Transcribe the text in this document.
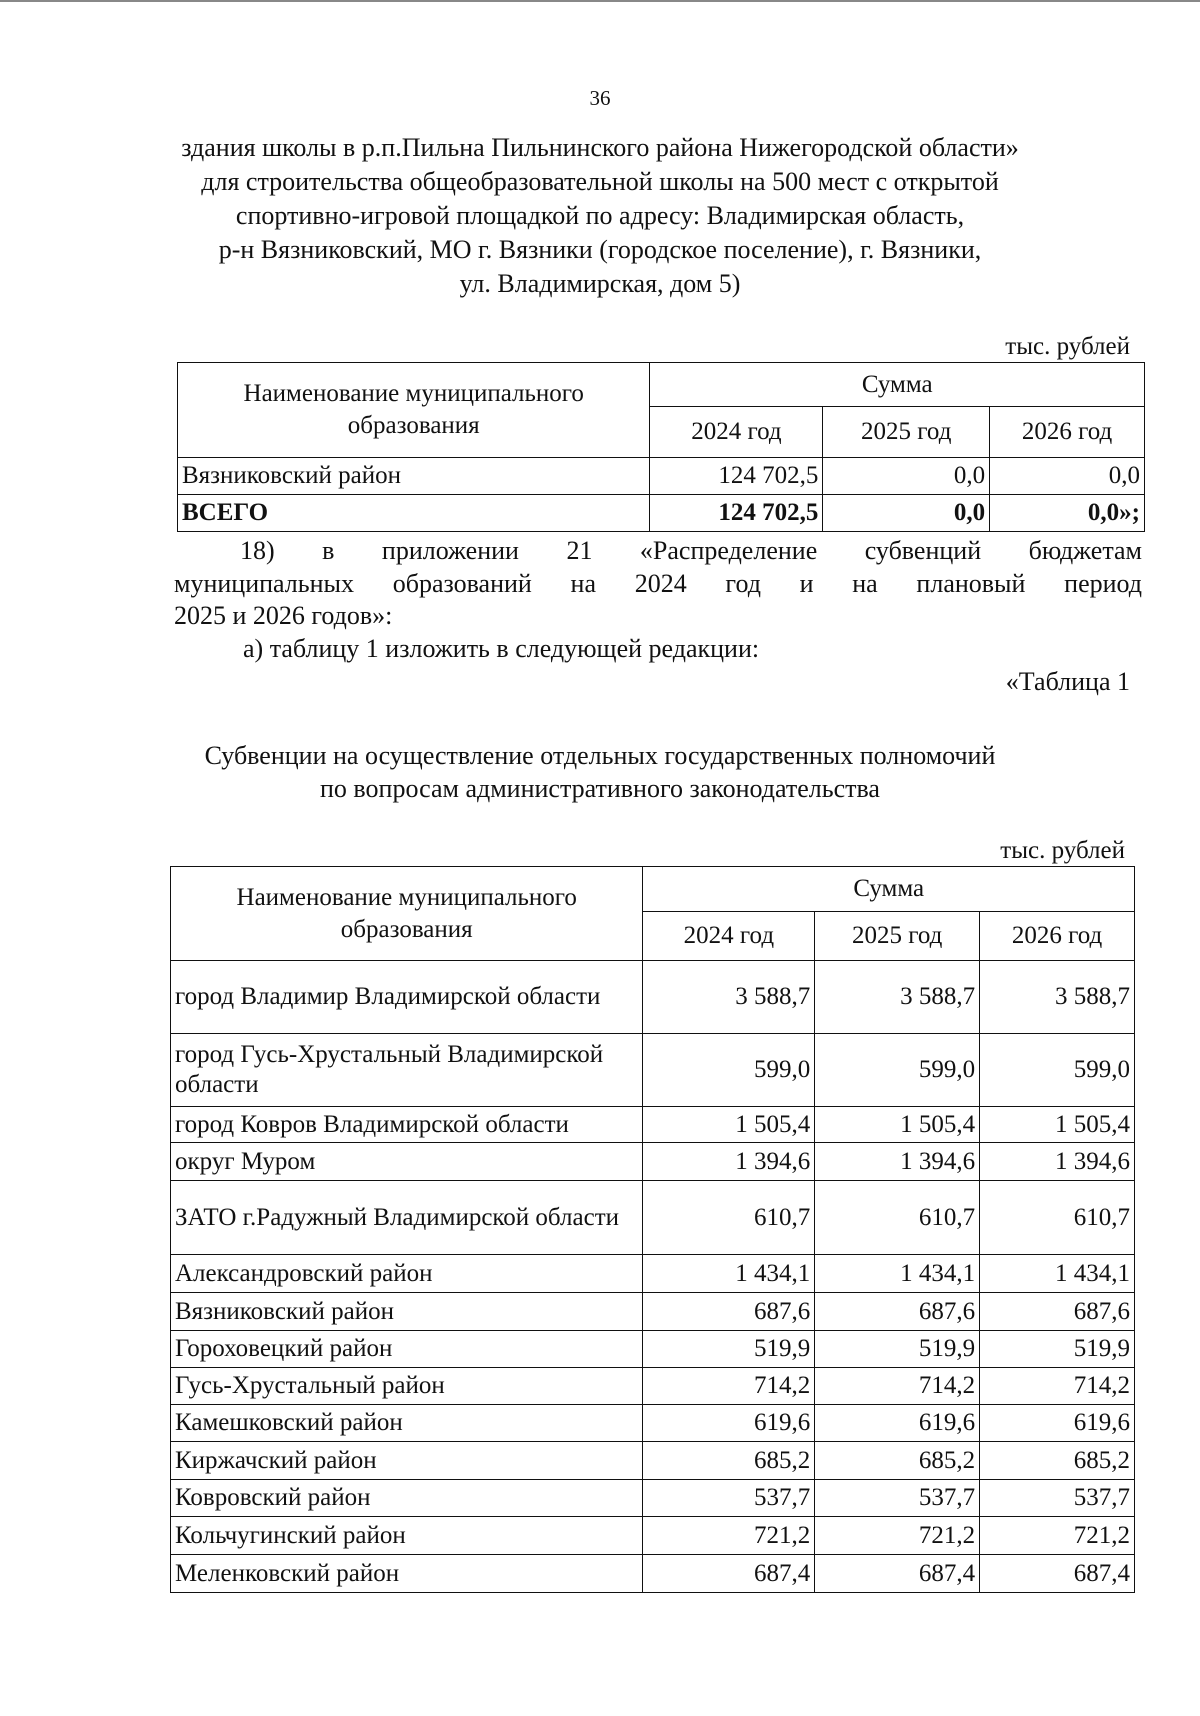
36
здания школы в р.п.Пильна Пильнинского района Нижегородской области»
для строительства общеобразовательной школы на 500 мест с открытой
спортивно-игровой площадкой по адресу: Владимирская область,
р-н Вязниковский, МО г. Вязники (городское поселение), г. Вязники,
ул. Владимирская, дом 5)
тыс. рублей
Наименование муниципального образования	Сумма		
	2024 год	2025 год	2026 год
Вязниковский район	124 702,5	0,0	0,0
ВСЕГО	124 702,5	0,0	0,0»;
18) в приложении 21 «Распределение субвенций бюджетам
муниципальных образований на 2024 год и на плановый период
2025 и 2026 годов»:
а) таблицу 1 изложить в следующей редакции:
«Таблица 1
Субвенции на осуществление отдельных государственных полномочий
по вопросам административного законодательства
тыс. рублей
Наименование муниципального образования	Сумма		
	2024 год	2025 год	2026 год
город Владимир Владимирской области	3 588,7	3 588,7	3 588,7
город Гусь-Хрустальный Владимирской области	599,0	599,0	599,0
город Ковров Владимирской области	1 505,4	1 505,4	1 505,4
округ Муром	1 394,6	1 394,6	1 394,6
ЗАТО г.Радужный Владимирской области	610,7	610,7	610,7
Александровский район	1 434,1	1 434,1	1 434,1
Вязниковский район	687,6	687,6	687,6
Гороховецкий район	519,9	519,9	519,9
Гусь-Хрустальный район	714,2	714,2	714,2
Камешковский район	619,6	619,6	619,6
Киржачский район	685,2	685,2	685,2
Ковровский район	537,7	537,7	537,7
Кольчугинский район	721,2	721,2	721,2
Меленковский район	687,4	687,4	687,4
